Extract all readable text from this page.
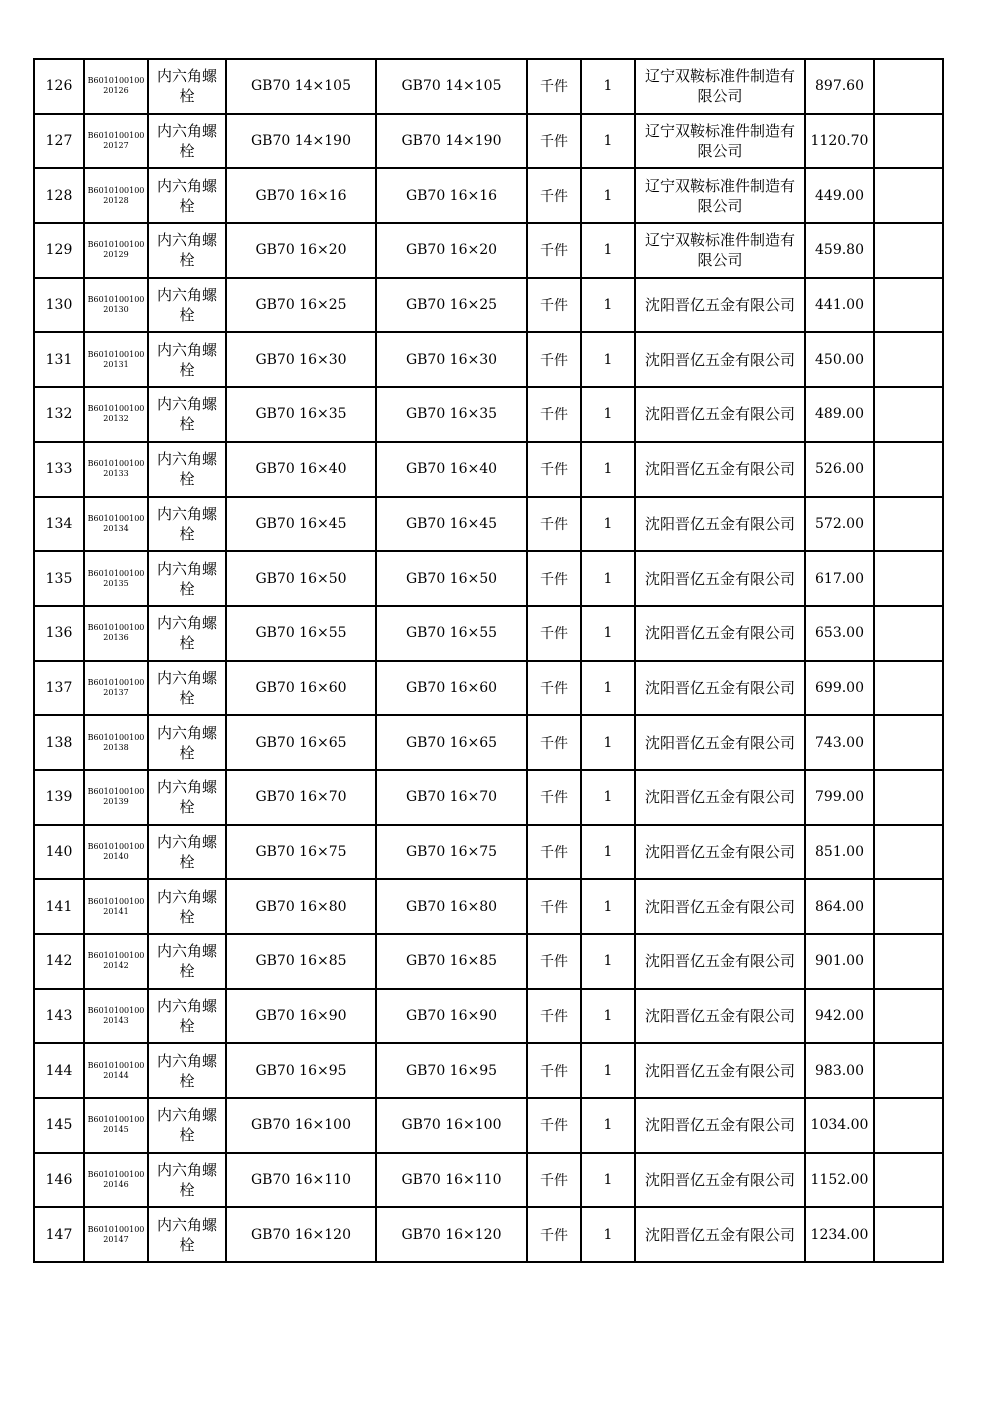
126	B601010010020126	内六角螺栓	GB70 14×105	GB70 14×105	千件	1	辽宁双鞍标准件制造有限公司	897.60	
127	B601010010020127	内六角螺栓	GB70 14×190	GB70 14×190	千件	1	辽宁双鞍标准件制造有限公司	1120.70	
128	B601010010020128	内六角螺栓	GB70 16×16	GB70 16×16	千件	1	辽宁双鞍标准件制造有限公司	449.00	
129	B601010010020129	内六角螺栓	GB70 16×20	GB70 16×20	千件	1	辽宁双鞍标准件制造有限公司	459.80	
130	B601010010020130	内六角螺栓	GB70 16×25	GB70 16×25	千件	1	沈阳晋亿五金有限公司	441.00	
131	B601010010020131	内六角螺栓	GB70 16×30	GB70 16×30	千件	1	沈阳晋亿五金有限公司	450.00	
132	B601010010020132	内六角螺栓	GB70 16×35	GB70 16×35	千件	1	沈阳晋亿五金有限公司	489.00	
133	B601010010020133	内六角螺栓	GB70 16×40	GB70 16×40	千件	1	沈阳晋亿五金有限公司	526.00	
134	B601010010020134	内六角螺栓	GB70 16×45	GB70 16×45	千件	1	沈阳晋亿五金有限公司	572.00	
135	B601010010020135	内六角螺栓	GB70 16×50	GB70 16×50	千件	1	沈阳晋亿五金有限公司	617.00	
136	B601010010020136	内六角螺栓	GB70 16×55	GB70 16×55	千件	1	沈阳晋亿五金有限公司	653.00	
137	B601010010020137	内六角螺栓	GB70 16×60	GB70 16×60	千件	1	沈阳晋亿五金有限公司	699.00	
138	B601010010020138	内六角螺栓	GB70 16×65	GB70 16×65	千件	1	沈阳晋亿五金有限公司	743.00	
139	B601010010020139	内六角螺栓	GB70 16×70	GB70 16×70	千件	1	沈阳晋亿五金有限公司	799.00	
140	B601010010020140	内六角螺栓	GB70 16×75	GB70 16×75	千件	1	沈阳晋亿五金有限公司	851.00	
141	B601010010020141	内六角螺栓	GB70 16×80	GB70 16×80	千件	1	沈阳晋亿五金有限公司	864.00	
142	B601010010020142	内六角螺栓	GB70 16×85	GB70 16×85	千件	1	沈阳晋亿五金有限公司	901.00	
143	B601010010020143	内六角螺栓	GB70 16×90	GB70 16×90	千件	1	沈阳晋亿五金有限公司	942.00	
144	B601010010020144	内六角螺栓	GB70 16×95	GB70 16×95	千件	1	沈阳晋亿五金有限公司	983.00	
145	B601010010020145	内六角螺栓	GB70 16×100	GB70 16×100	千件	1	沈阳晋亿五金有限公司	1034.00	
146	B601010010020146	内六角螺栓	GB70 16×110	GB70 16×110	千件	1	沈阳晋亿五金有限公司	1152.00	
147	B601010010020147	内六角螺栓	GB70 16×120	GB70 16×120	千件	1	沈阳晋亿五金有限公司	1234.00	
